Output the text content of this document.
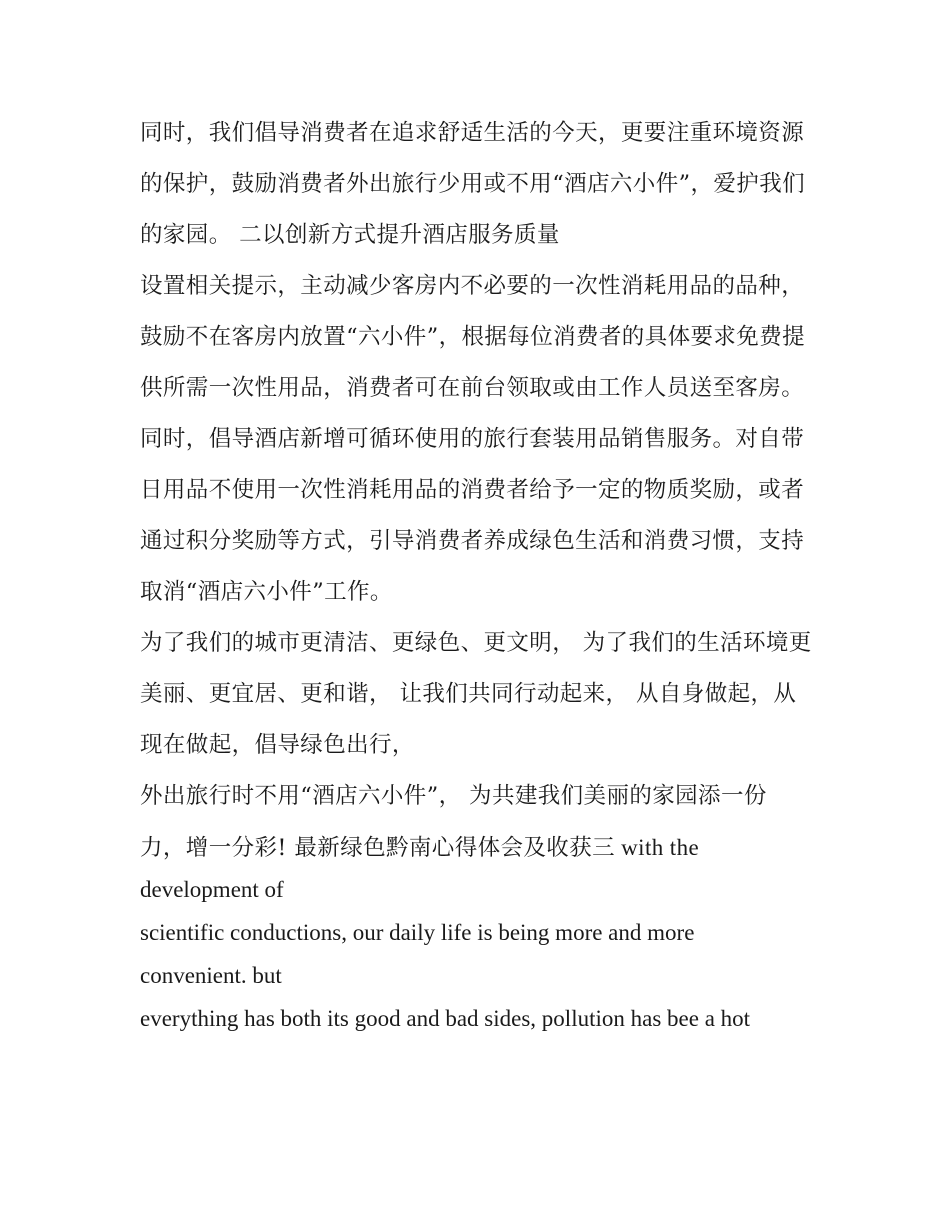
同时，我们倡导消费者在追求舒适生活的今天，更要注重环境资源的保护，鼓励消费者外出旅行少用或不用“酒店六小件”，爱护我们的家园。 二以创新方式提升酒店服务质量

设置相关提示，主动减少客房内不必要的一次性消耗用品的品种，鼓励不在客房内放置“六小件”，根据每位消费者的具体要求免费提供所需一次性用品，消费者可在前台领取或由工作人员送至客房。

同时，倡导酒店新增可循环使用的旅行套装用品销售服务。对自带日用品不使用一次性消耗用品的消费者给予一定的物质奖励，或者通过积分奖励等方式，引导消费者养成绿色生活和消费习惯，支持取消“酒店六小件”工作。

为了我们的城市更清洁、更绿色、更文明， 为了我们的生活环境更美丽、更宜居、更和谐， 让我们共同行动起来， 从自身做起，从现在做起，倡导绿色出行，

外出旅行时不用“酒店六小件”， 为共建我们美丽的家园添一份力，增一分彩! 最新绿色黔南心得体会及收获三 with the

development of

scientific conductions, our daily life is being more and more

convenient. but

everything has both its good and bad sides, pollution has bee a hot
